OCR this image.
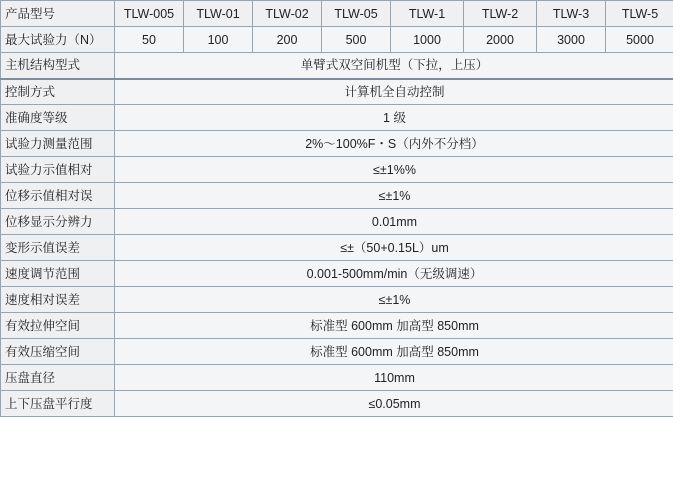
产品型号	TLW-005	TLW-01	TLW-02	TLW-05	TLW-1	TLW-2	TLW-3	TLW-5
最大试验力（N）	50	100	200	500	1000	2000	3000	5000
主机结构型式	单臂式双空间机型（下拉，上压）							
控制方式	计算机全自动控制							
准确度等级	1 级							
试验力测量范围	2%～100%F・S（内外不分档）							
试验力示值相对	≤±1%%							
位移示值相对误	≤±1%							
位移显示分辨力	0.01mm							
变形示值误差	≤±（50+0.15L）um							
速度调节范围	0.001-500mm/min（无级调速）							
速度相对误差	≤±1%							
有效拉伸空间	标准型 600mm 加高型 850mm							
有效压缩空间	标准型 600mm 加高型 850mm							
压盘直径	110mm							
上下压盘平行度	≤0.05mm							
